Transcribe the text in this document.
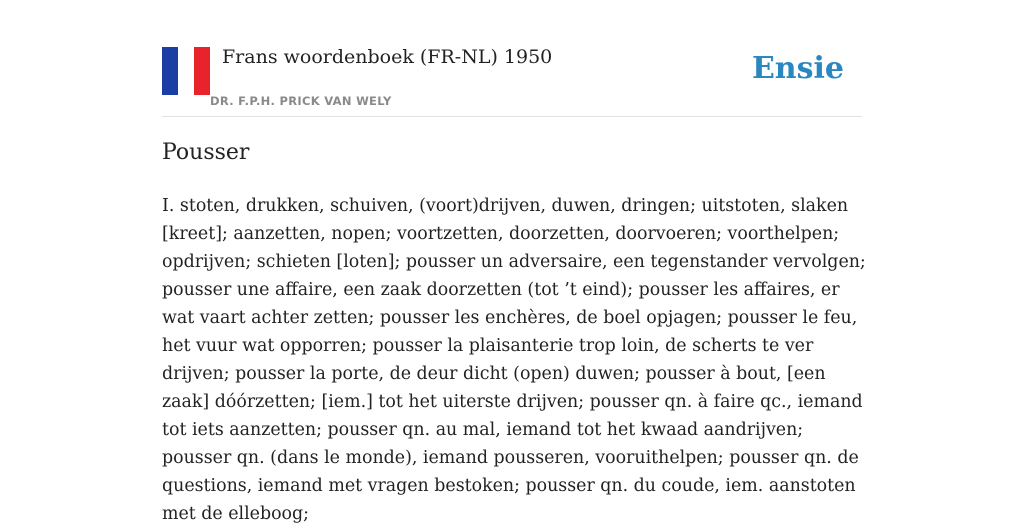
Frans woordenboek (FR-NL) 1950
DR. F.P.H. PRICK VAN WELY
Ensie
Pousser

I. stoten, drukken, schuiven, (voort)drijven, duwen, dringen; uitstoten, slaken [kreet]; aanzetten, nopen; voortzetten, doorzetten, doorvoeren; voorthelpen; opdrijven; schieten [loten]; pousser un adversaire, een tegenstander vervolgen; pousser une affaire, een zaak doorzetten (tot ’t eind); pousser les affaires, er wat vaart achter zetten; pousser les enchères, de boel opjagen; pousser le feu, het vuur wat opporren; pousser la plaisanterie trop loin, de scherts te ver drijven; pousser la porte, de deur dicht (open) duwen; pousser à bout, [een zaak] dóórzetten; [iem.] tot het uiterste drijven; pousser qn. à faire qc., iemand tot iets aanzetten; pousser qn. au mal, iemand tot het kwaad aandrijven; pousser qn. (dans le monde), iemand pousseren, vooruithelpen; pousser qn. de questions, iemand met vragen bestoken; pousser qn. du coude, iem. aanstoten met de elleboog;
